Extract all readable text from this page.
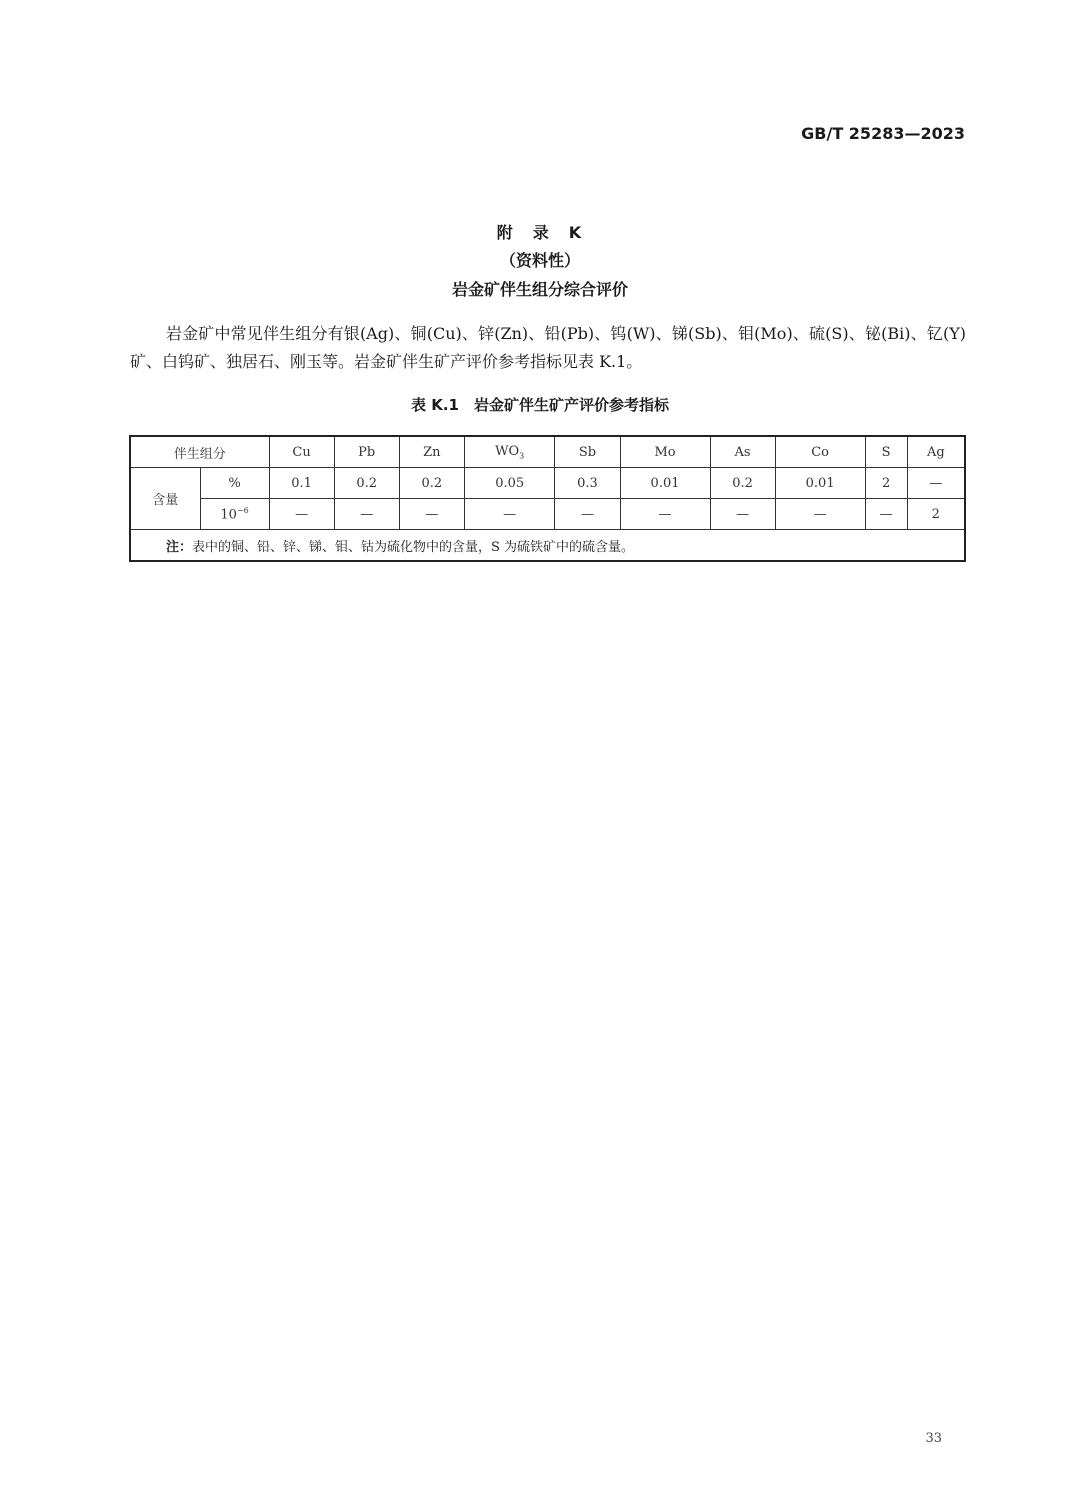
GB/T 25283—2023
附　录　K
（资料性）
岩金矿伴生组分综合评价

岩金矿中常见伴生组分有银(Ag)、铜(Cu)、锌(Zn)、铅(Pb)、钨(W)、锑(Sb)、钼(Mo)、硫(S)、铋(Bi)、钇(Y)矿、白钨矿、独居石、刚玉等。岩金矿伴生矿产评价参考指标见表 K.1。

表 K.1　岩金矿伴生矿产评价参考指标
伴生组分		Cu	Pb	Zn	$WO_3$	Sb	Mo	As	Co	S	Ag
含量	%	0.1	0.2	0.2	0.05	0.3	0.01	0.2	0.01	2	—
	$10^{-6}$	—	—	—	—	—	—	—	—	—	2
注：表中的铜、铅、锌、锑、钼、钴为硫化物中的含量，S 为硫铁矿中的硫含量。											
33
